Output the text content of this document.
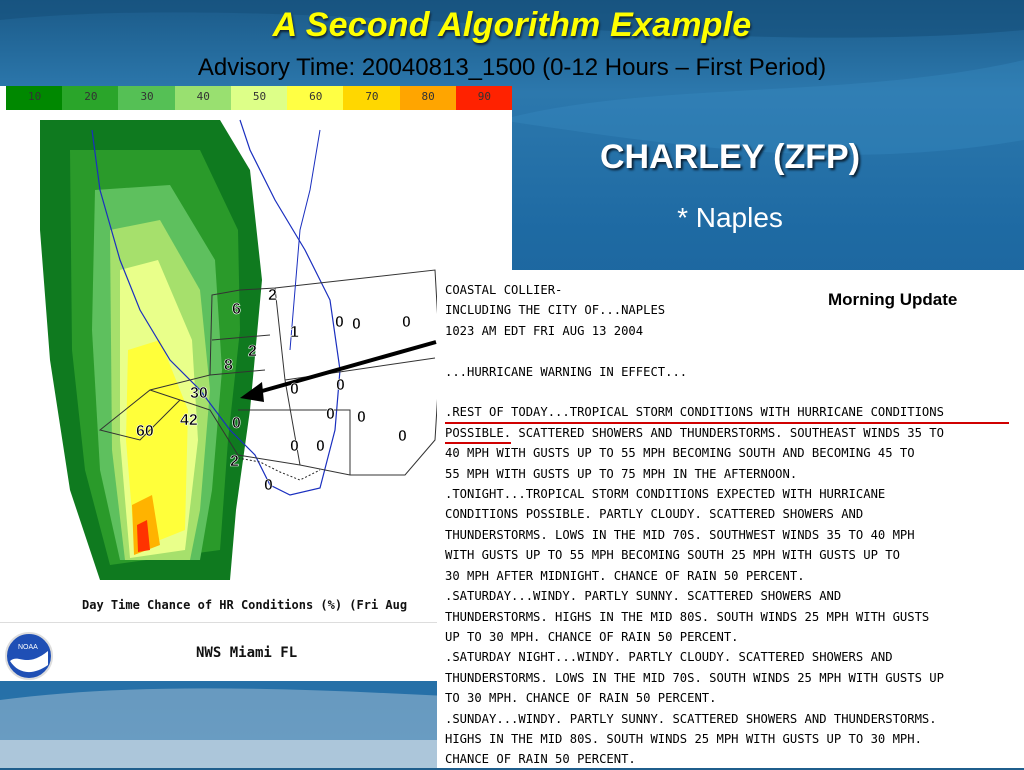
A Second Algorithm Example
Advisory Time: 20040813_1500 (0-12 Hours – First Period)
CHARLEY (ZFP)
* Naples
10	20	30	40	50	60	70	80	90
6
2
1
0 0	0
8
2
30	0 0
42	0 0
0
60
2
0 0
0
0
Day Time Chance of HR Conditions (%) (Fri Aug
NOAA	NWS Miami FL
COASTAL COLLIER-
INCLUDING THE CITY OF...NAPLES
1023 AM EDT FRI AUG 13 2004

...HURRICANE WARNING IN EFFECT...

.REST OF TODAY...TROPICAL STORM CONDITIONS WITH HURRICANE CONDITIONS
POSSIBLE. SCATTERED SHOWERS AND THUNDERSTORMS. SOUTHEAST WINDS 35 TO
40 MPH WITH GUSTS UP TO 55 MPH BECOMING SOUTH AND BECOMING 45 TO
55 MPH WITH GUSTS UP TO 75 MPH IN THE AFTERNOON.
.TONIGHT...TROPICAL STORM CONDITIONS EXPECTED WITH HURRICANE
CONDITIONS POSSIBLE. PARTLY CLOUDY. SCATTERED SHOWERS AND
THUNDERSTORMS. LOWS IN THE MID 70S. SOUTHWEST WINDS 35 TO 40 MPH
WITH GUSTS UP TO 55 MPH BECOMING SOUTH 25 MPH WITH GUSTS UP TO
30 MPH AFTER MIDNIGHT. CHANCE OF RAIN 50 PERCENT.
.SATURDAY...WINDY. PARTLY SUNNY. SCATTERED SHOWERS AND
THUNDERSTORMS. HIGHS IN THE MID 80S. SOUTH WINDS 25 MPH WITH GUSTS
UP TO 30 MPH. CHANCE OF RAIN 50 PERCENT.
.SATURDAY NIGHT...WINDY. PARTLY CLOUDY. SCATTERED SHOWERS AND
THUNDERSTORMS. LOWS IN THE MID 70S. SOUTH WINDS 25 MPH WITH GUSTS UP
TO 30 MPH. CHANCE OF RAIN 50 PERCENT.
.SUNDAY...WINDY. PARTLY SUNNY. SCATTERED SHOWERS AND THUNDERSTORMS.
HIGHS IN THE MID 80S. SOUTH WINDS 25 MPH WITH GUSTS UP TO 30 MPH.
CHANCE OF RAIN 50 PERCENT.

Morning Update
